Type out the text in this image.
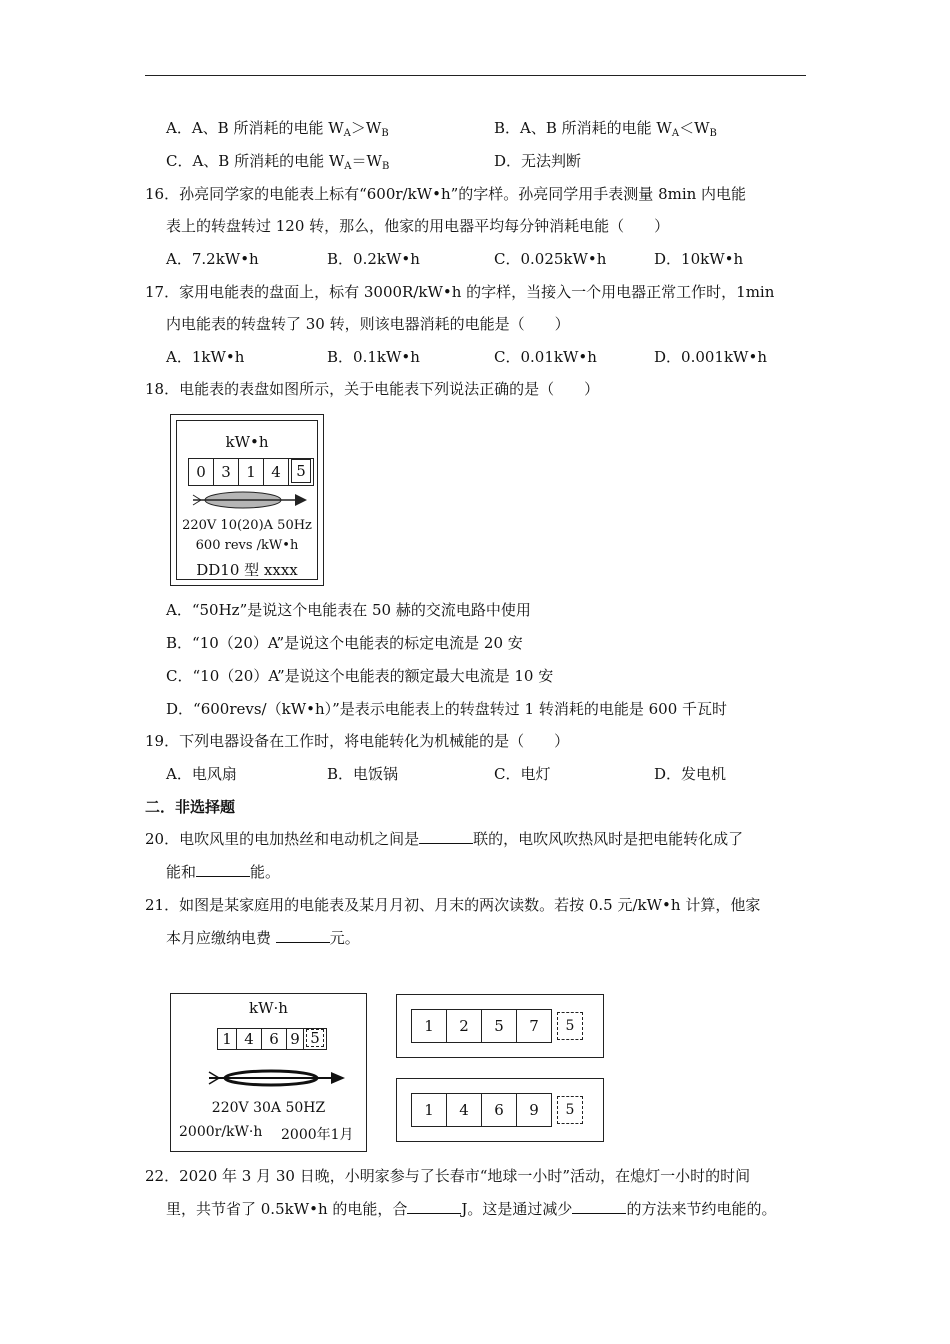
A．A、B 所消耗的电能 $W_A>W_B$	B．A、B 所消耗的电能 $W_A<W_B$
C．A、B 所消耗的电能 $W_A=W_B$	D．无法判断
16．孙亮同学家的电能表上标有“600r/kW•h”的字样。孙亮同学用手表测量 8min 内电能
表上的转盘转过 120 转，那么，他家的用电器平均每分钟消耗电能（　　）
A．7.2kW•h	B．0.2kW•h	C．0.025kW•h	D．10kW•h
17．家用电能表的盘面上，标有 3000R/kW•h 的字样，当接入一个用电器正常工作时，1min
内电能表的转盘转了 30 转，则该电器消耗的电能是（　　）
A．1kW•h	B．0.1kW•h	C．0.01kW•h	D．0.001kW•h
18．电能表的表盘如图所示，关于电能表下列说法正确的是（　　）
kW•h
0	3	1	4	5
220V 10(20)A 50Hz
600 revs /kW•h
DD10 型 xxxx
A．“50Hz”是说这个电能表在 50 赫的交流电路中使用
B．“10（20）A”是说这个电能表的标定电流是 20 安
C．“10（20）A”是说这个电能表的额定最大电流是 10 安
D．“600revs/（kW•h）”是表示电能表上的转盘转过 1 转消耗的电能是 600 千瓦时
19．下列电器设备在工作时，将电能转化为机械能的是（　　）
A．电风扇	B．电饭锅	C．电灯	D．发电机
二．非选择题
20．电吹风里的电加热丝和电动机之间是	联的，电吹风吹热风时是把电能转化成了
能和	能。
21．如图是某家庭用的电能表及某月月初、月末的两次读数。若按 0.5 元/kW•h 计算，他家
本月应缴纳电费	元。
kW·h
1 4	6 9 5
220V 30A 50HZ
2000r/kW·h 2000年1月
1	2	5	7	5
1	4	6	9	5
22．2020 年 3 月 30 日晚，小明家参与了长春市“地球一小时”活动，在熄灯一小时的时间
里，共节省了 0.5kW•h 的电能，合	J。这是通过减少	的方法来节约电能的。
